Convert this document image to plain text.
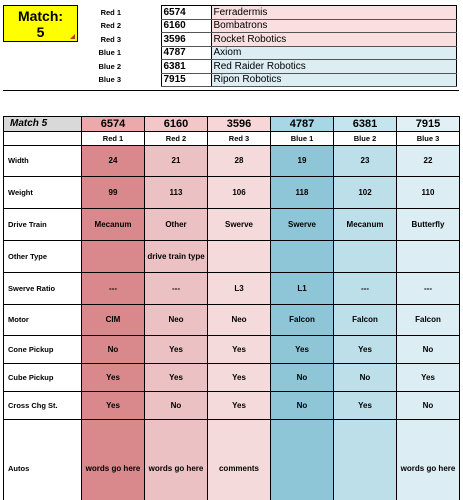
Match:
5
Red 1		6574	Ferradermis
Red 2		6160	Bombatrons
Red 3		3596	Rocket Robotics
Blue 1		4787	Axiom
Blue 2		6381	Red Raider Robotics
Blue 3		7915	Ripon Robotics
Match 5	6574	6160	3596	4787	6381	7915
	Red 1	Red 2	Red 3	Blue 1	Blue 2	Blue 3
Width	24	21	28	19	23	22
Weight	99	113	106	118	102	110
Drive Train	Mecanum	Other	Swerve	Swerve	Mecanum	Butterfly
Other Type		drive train type				
Swerve Ratio	---	---	L3	L1	---	---
Motor	CIM	Neo	Neo	Falcon	Falcon	Falcon
Cone Pickup	No	Yes	Yes	Yes	Yes	No
Cube Pickup	Yes	Yes	Yes	No	No	Yes
Cross Chg St.	Yes	No	Yes	No	Yes	No
Autos	words go here	words go here	comments			words go here
